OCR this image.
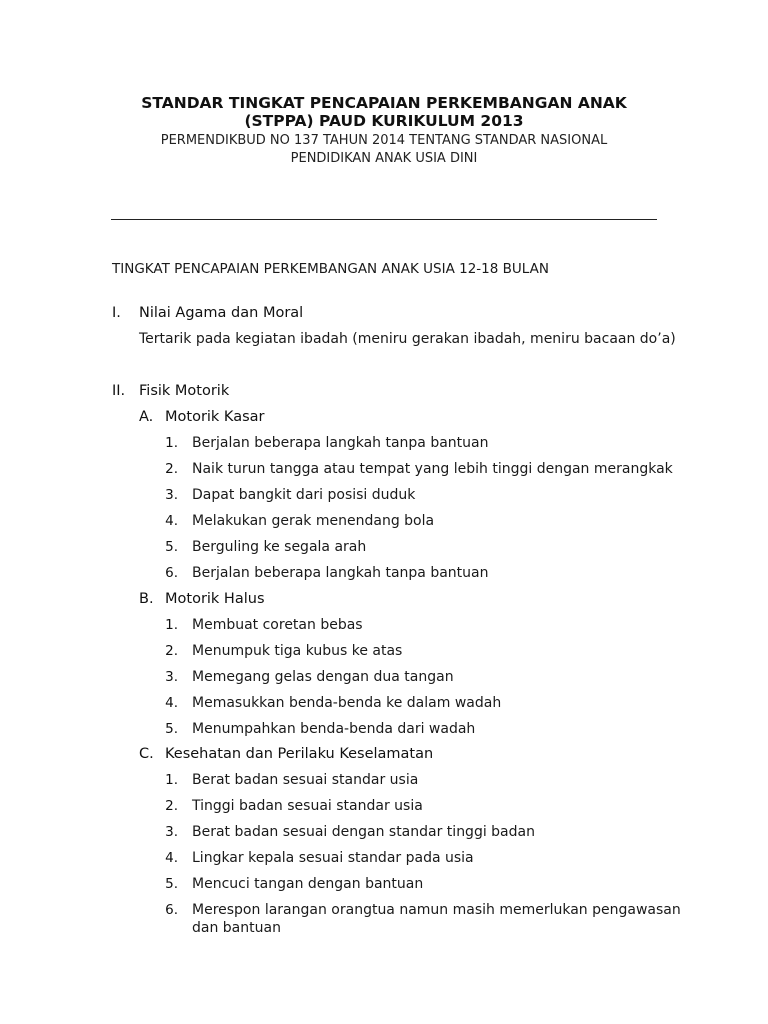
STANDAR TINGKAT PENCAPAIAN PERKEMBANGAN ANAK
(STPPA) PAUD KURIKULUM 2013
PERMENDIKBUD NO 137 TAHUN 2014 TENTANG STANDAR NASIONAL
PENDIDIKAN ANAK USIA DINI
TINGKAT PENCAPAIAN PERKEMBANGAN ANAK USIA 12-18 BULAN
I. Nilai Agama dan Moral
Tertarik pada kegiatan ibadah (meniru gerakan ibadah, meniru bacaan do’a)
II. Fisik Motorik
A. Motorik Kasar
1. Berjalan beberapa langkah tanpa bantuan
2. Naik turun tangga atau tempat yang lebih tinggi dengan merangkak
3. Dapat bangkit dari posisi duduk
4. Melakukan gerak menendang bola
5. Berguling ke segala arah
6. Berjalan beberapa langkah tanpa bantuan
B. Motorik Halus
1. Membuat coretan bebas
2. Menumpuk tiga kubus ke atas
3. Memegang gelas dengan dua tangan
4. Memasukkan benda-benda ke dalam wadah
5. Menumpahkan benda-benda dari wadah
C. Kesehatan dan Perilaku Keselamatan
1. Berat badan sesuai standar usia
2. Tinggi badan sesuai standar usia
3. Berat badan sesuai dengan standar tinggi badan
4. Lingkar kepala sesuai standar pada usia
5. Mencuci tangan dengan bantuan
6. Merespon larangan orangtua namun masih memerlukan pengawasan
dan bantuan
